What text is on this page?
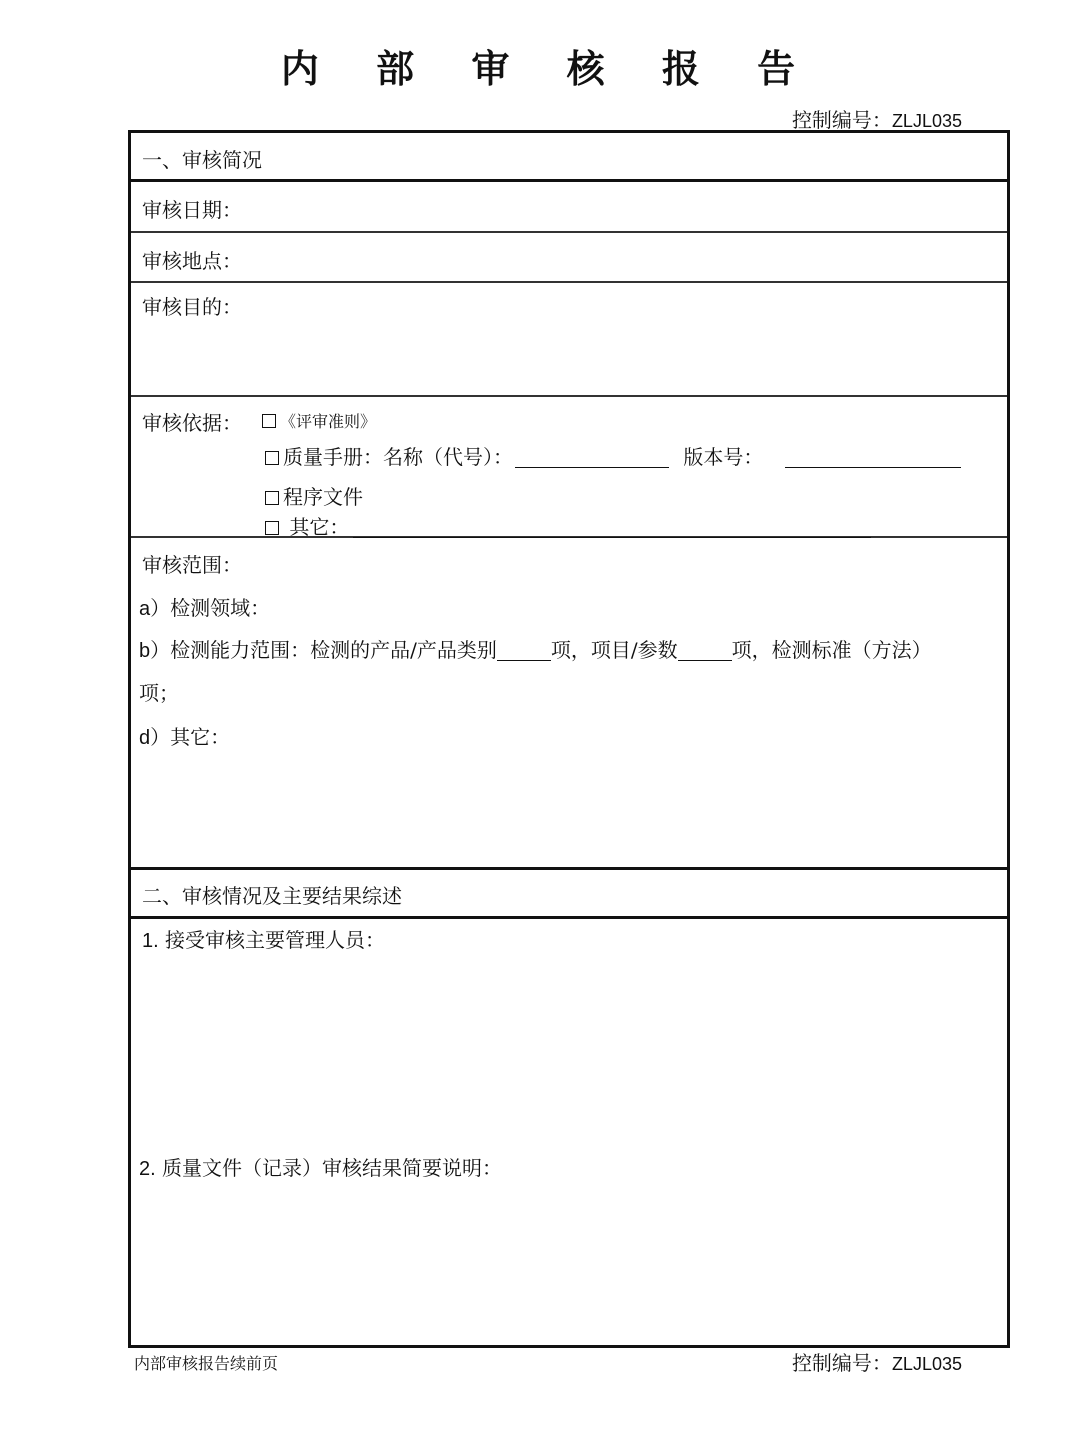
内 部 审 核 报 告
控制编号：ZLJL035
一、审核简况
审核日期：
审核地点：
审核目的：
审核依据：	《评审准则》
质量手册：名称（代号）：	版本号：
程序文件
其它：
审核范围：
a）检测领域：
b）检测能力范围：检测的产品/产品类别	项，项目/参数	项，检测标准（方法）
项；
d）其它：
二、审核情况及主要结果综述
1. 接受审核主要管理人员：
2. 质量文件（记录）审核结果简要说明：
内部审核报告续前页	控制编号：ZLJL035
